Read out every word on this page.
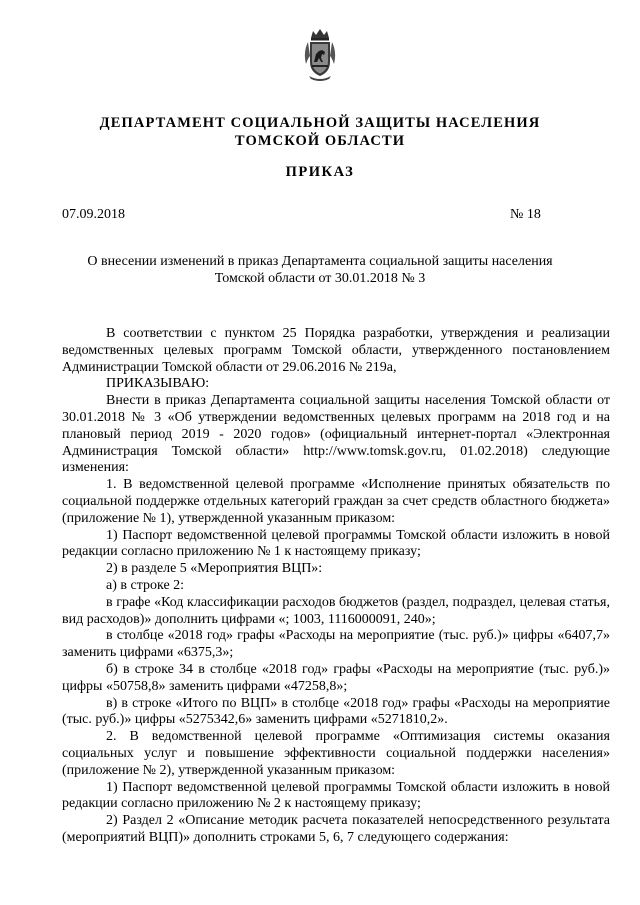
ДЕПАРТАМЕНТ СОЦИАЛЬНОЙ ЗАЩИТЫ НАСЕЛЕНИЯ
ТОМСКОЙ ОБЛАСТИ
ПРИКАЗ
07.09.2018	№ 18
О внесении изменений в приказ Департамента социальной защиты населения
Томской области от 30.01.2018 № 3

В соответствии с пунктом 25 Порядка разработки, утверждения и реализации ведомственных целевых программ Томской области, утвержденного постановлением Администрации Томской области от 29.06.2016 № 219а,

ПРИКАЗЫВАЮ:

Внести в приказ Департамента социальной защиты населения Томской области от 30.01.2018 № 3 «Об утверждении ведомственных целевых программ на 2018 год и на плановый период 2019 - 2020 годов» (официальный интернет-портал «Электронная Администрация Томской области» http://www.tomsk.gov.ru, 01.02.2018) следующие изменения:

1. В ведомственной целевой программе «Исполнение принятых обязательств по социальной поддержке отдельных категорий граждан за счет средств областного бюджета» (приложение № 1), утвержденной указанным приказом:

1) Паспорт ведомственной целевой программы Томской области изложить в новой редакции согласно приложению № 1 к настоящему приказу;

2) в разделе 5 «Мероприятия ВЦП»:

а) в строке 2:

в графе «Код классификации расходов бюджетов (раздел, подраздел, целевая статья, вид расходов)» дополнить цифрами «; 1003, 1116000091, 240»;

в столбце «2018 год» графы «Расходы на мероприятие (тыс. руб.)» цифры «6407,7» заменить цифрами «6375,3»;

б) в строке 34 в столбце «2018 год» графы «Расходы на мероприятие (тыс. руб.)» цифры «50758,8» заменить цифрами «47258,8»;

в) в строке «Итого по ВЦП» в столбце «2018 год» графы «Расходы на мероприятие (тыс. руб.)» цифры «5275342,6» заменить цифрами «5271810,2».

2. В ведомственной целевой программе «Оптимизация системы оказания социальных услуг и повышение эффективности социальной поддержки населения» (приложение № 2), утвержденной указанным приказом:

1) Паспорт ведомственной целевой программы Томской области изложить в новой редакции согласно приложению № 2 к настоящему приказу;

2) Раздел 2 «Описание методик расчета показателей непосредственного результата (мероприятий ВЦП)» дополнить строками 5, 6, 7 следующего содержания:
